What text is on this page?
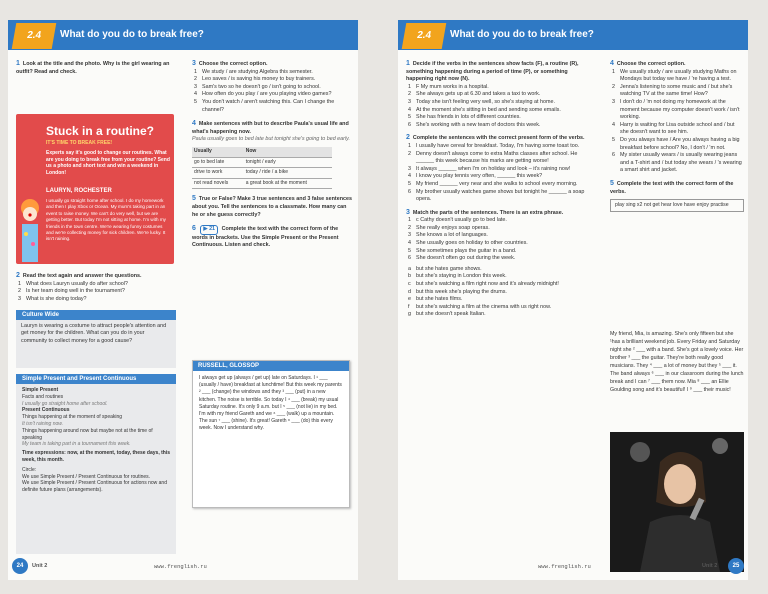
2.4	What do you do to break free?
1 Look at the title and the photo. Why is the girl wearing an outfit? Read and check.
Stuck in a routine?
IT'S TIME TO BREAK FREE!
Experts say it's good to change our routines. What are you doing to break free from your routine? Send us a photo and short text and win a weekend in London!
LAURYN, ROCHESTER
I usually go straight home after school. I do my homework and then I play Xbox or Ocean. My mum's taking part in an event to raise money. We can't do very well, but we are getting better. But today I'm not sitting at home. I'm with my friends in the town centre. We're wearing funny costumes and we're collecting money for sick children. We're lucky. It isn't raining.
2 Read the text again and answer the questions.
1 What does Lauryn usually do after school?
2 Is her team doing well in the tournament?
3 What is she doing today?
Culture Wide
Lauryn is wearing a costume to attract people's attention and get money for the children. What can you do in your community to collect money for a good cause?
Simple Present and Present Continuous
Simple Present
Facts and routines
I usually go straight home after school.
Present Continuous
Things happening at the moment of speaking
It isn't raining now.
Things happening around now but maybe not at the time of speaking
My team is taking part in a tournament this week.
Time expressions: now, at the moment, today, these days, this week, this month.
Circle:
We use Simple Present / Present Continuous for routines.
We use Simple Present / Present Continuous for actions now and definite future plans (arrangements).
3 Choose the correct option.
1 We study / are studying Algebra this semester.
2 Leo saves / is saving his money to buy trainers.
3 Sam's two so he doesn't go / isn't going to school.
4 How often do you play / are you playing video games?
5 You don't watch / aren't watching this. Can I change the channel?
4 Make sentences with but to describe Paula's usual life and what's happening now.
Paula usually goes to bed late but tonight she's going to bed early.
Usually	Now
go to bed late	tonight / early
drive to work	today / ride / a bike
not read novels	a great book at the moment
5 True or False? Make 3 true sentences and 3 false sentences about you. Tell the sentences to a classmate. How many can he or she guess correctly?
6 ▶ 21 Complete the text with the correct form of the words in brackets. Use the Simple Present or the Present Continuous. Listen and check.
RUSSELL, GLOSSOP
I always get up (always / get up) late on Saturdays. I ¹ ___ (usually / have) breakfast at lunchtime! But this week my parents ² ___ (change) the windows and they ³ ___ (put) in a new kitchen. The noise is terrible. So today I ⁴ ___ (break) my usual Saturday routine. It's only 9 a.m. but I ⁵ ___ (not lie) in my bed. I'm with my friend Gareth and we ⁶ ___ (walk) up a mountain. The sun ⁷ ___ (shine). It's great! Gareth ⁸ ___ (do) this every week. Now I understand why.
24	Unit 2	www.frenglish.ru
2.4	What do you do to break free?
1 Decide if the verbs in the sentences show facts (F), a routine (R), something happening during a period of time (P), or something happening right now (N).
1 F My mum works in a hospital.
2 She always gets up at 6.30 and takes a taxi to work.
3 Today she isn't feeling very well, so she's staying at home.
4 At the moment she's sitting in bed and sending some emails.
5 She has friends in lots of different countries.
6 She's working with a new team of doctors this week.
2 Complete the sentences with the correct present form of the verbs.
1 I usually have cereal for breakfast. Today, I'm having some toast too.
2 Denny doesn't always come to extra Maths classes after school. He ______ this week because his marks are getting worse!
3 It always ______ when I'm on holiday and look – it's raining now!
4 I know you play tennis very often, ______ this week?
5 My friend ______ very near and she walks to school every morning.
6 My brother usually watches game shows but tonight he ______ a soap opera.
3 Match the parts of the sentences. There is an extra phrase.
1 c Cathy doesn't usually go to bed late.
2 She really enjoys soap operas.
3 She knows a lot of languages.
4 She usually goes on holiday to other countries.
5 She sometimes plays the guitar in a band.
6 She doesn't often go out during the week.
a but she hates game shows.
b but she's staying in London this week.
c but she's watching a film right now and it's already midnight!
d but this week she's playing the drums.
e but she hates films.
f but she's watching a film at the cinema with us right now.
g but she doesn't speak Italian.
4 Choose the correct option.
1 We usually study / are usually studying Maths on Mondays but today we have / 're having a test.
2 Jenna's listening to some music and / but she's watching TV at the same time! How?
3 I don't do / 'm not doing my homework at the moment because my computer doesn't work / isn't working.
4 Harry is waiting for Lisa outside school and / but she doesn't want to see him.
5 Do you always have / Are you always having a big breakfast before school? No, I don't / 'm not.
6 My sister usually wears / is usually wearing jeans and a T-shirt and / but today she wears / 's wearing a smart shirt and jacket.
5 Complete the text with the correct form of the verbs.
play sing x2 not get hear love have enjoy practise
My friend, Mia, is amazing. She's only fifteen but she ¹has a brilliant weekend job. Every Friday and Saturday night she ² ___ with a band. She's got a lovely voice. Her brother ³ ___ the guitar. They're both really good musicians. They ⁴ ___ a lot of money but they ⁵ ___ it. The band always ⁶ ___ in our classroom during the lunch break and I can ⁷ ___ them now. Mia ⁸ ___ an Ellie Goulding song and it's beautiful! I ⁹ ___ their music!
www.frenglish.ru	Unit 2	25
